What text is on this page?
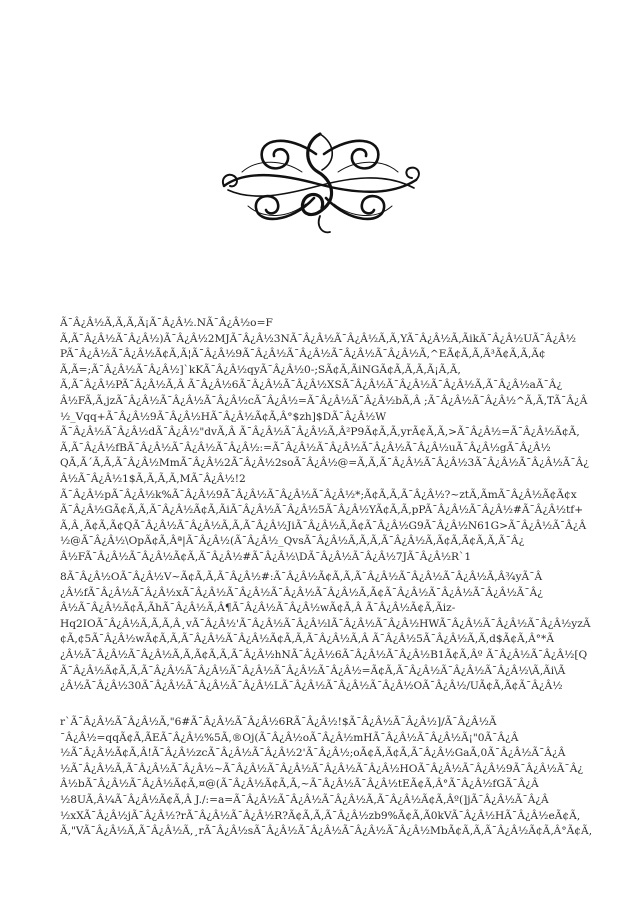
Ã¯Â¿Â½Ã‚Ã‚Ã‚Ã¡Ã¯Â¿Â½.NÃ¯Â¿Â½o=F
Ã‚Ã¯Â¿Â½Ã¯Â¿Â½)Ã¯Â¿Â½2MJÃ¯Â¿Â½3NÃ¯Â¿Â½Ã¯Â¿Â½Ã‚Ã‚YÃ¯Â¿Â½Ã‚ÃikÃ¯Â¿Â½UÃ¯Â¿Â½
PÃ¯Â¿Â½Ã¯Â¿Â½Ã¢Ã‚Ã¦Ã¯Â¿Â½9Ã¯Â¿Â½Ã¯Â¿Â½Ã¯Â¿Â½Ã¯Â¿Â½Ã‚^EÃ¢Ã‚Ã‚Ã³Ã¢Ã‚Ã‚Ã¢
Ã‚Ã=;Ã¯Â¿Â½Ã¯Â¿Â½]`kKÃ¯Â¿Â½qyÃ¯Â¿Â½0-;SÃ¢Ã‚ÃiNGÃ¢Ã‚Ã‚Ã‚Ã¡Ã‚Ã‚
Ã‚Ã¯Â¿Â½PÃ¯Â¿Â½Ã‚Â Ã¯Â¿Â½6Ã¯Â¿Â½Ã¯Â¿Â½XSÃ¯Â¿Â½Ã¯Â¿Â½Ã¯Â¿Â½Ã‚Ã¯Â¿Â½aÃ¯Â¿
Â½FÃ‚Ã‚jzÃ¯Â¿Â½Ã¯Â¿Â½Ã¯Â¿Â½cÃ¯Â¿Â½=Ã¯Â¿Â½Ã¯Â¿Â½bÃ‚Â ;Ã¯Â¿Â½Ã¯Â¿Â½^Ã‚Ã‚TÃ¯Â¿Â
½_Vqq+Ã¯Â¿Â½9Ã¯Â¿Â½HÃ¯Â¿Â½Ã¢Ã‚Â°$zh]$DÃ¯Â¿Â½W
Ã¯Â¿Â½Ã¯Â¿Â½dÃ¯Â¿Â½"dvÃ‚Â Ã¯Â¿Â½Ã¯Â¿Â½Ã‚Â²P9Ã¢Ã‚Ã‚yrÃ¢Ã‚Ã‚>Ã¯Â¿Â½=Ã¯Â¿Â½Ã¢Ã‚
Ã‚Ã¯Â¿Â½fBÃ¯Â¿Â½Ã¯Â¿Â½Ã¯Â¿Â½:=Ã¯Â¿Â½Ã¯Â¿Â½Ã¯Â¿Â½Ã¯Â¿Â½uÃ¯Â¿Â½gÃ¯Â¿Â½
QÃ‚Ã´Ã‚Ã‚Ã¯Â¿Â½MmÃ¯Â¿Â½2Ã¯Â¿Â½2soÃ¯Â¿Â½@=Ã‚Ã‚Ã¯Â¿Â½Ã¯Â¿Â½3Ã¯Â¿Â½Ã¯Â¿Â½Ã¯Â¿
Â½Ã¯Â¿Â½1$Ã‚Ã‚Ã‚Ã‚MÃ¯Â¿Â½!2
Ã¯Â¿Â½pÃ¯Â¿Â½k%Ã¯Â¿Â½9Ã¯Â¿Â½Ã¯Â¿Â½Ã¯Â¿Â½*;Ã¢Ã‚Ã‚Ã¯Â¿Â½?~ztÃ‚ÃmÃ¯Â¿Â½Ã¢Ã¢x
Ã¯Â¿Â½GÃ¢Ã‚Ã‚Ã¯Â¿Â½Ã¢Ã‚ÃiÃ¯Â¿Â½Ã¯Â¿Â½5Ã¯Â¿Â½YÃ¢Ã‚Ã‚pPÃ¯Â¿Â½Ã¯Â¿Â½#Ã¯Â¿Â½tf+
Ã‚Â¸Ã¢Ã‚Ã¢QÃ¯Â¿Â½Ã¯Â¿Â½Ã‚Ã‚Ã¯Â¿Â½JiÃ¯Â¿Â½Ã‚Ã¢Ã¯Â¿Â½G9Ã¯Â¿Â½N61G>Ã¯Â¿Â½Ã¯Â¿Â
½@Ã¯Â¿Â½\OpÃ¢Ã‚Âª|Ã¯Â¿Â½(Ã¯Â¿Â½_QvsÃ¯Â¿Â½Ã‚Ã‚Ã‚Ã¯Â¿Â½Ã‚Ã¢Ã‚Ã¢Ã‚Ã‚Ã¯Â¿
Â½FÃ¯Â¿Â½Ã¯Â¿Â½Ã¢Ã‚Ã¯Â¿Â½#Ã¯Â¿Â½\DÃ¯Â¿Â½Ã¯Â¿Â½7JÃ¯Â¿Â½R`1
8Ã¯Â¿Â½OÃ¯Â¿Â½V~Ã¢Ã‚Ã‚Ã¯Â¿Â½#:Ã¯Â¿Â½Ã¢Ã‚Ã‚Ã¯Â¿Â½Ã¯Â¿Â½Ã¯Â¿Â½Ã‚Â¾yÃ¯Â
¿Â½fÃ¯Â¿Â½Ã¯Â¿Â½xÃ¯Â¿Â½Ã¯Â¿Â½Ã¯Â¿Â½Ã¯Â¿Â½Ã‚Ã¢Ã¯Â¿Â½Ã¯Â¿Â½Ã¯Â¿Â½Ã¯Â¿
Â½Ã¯Â¿Â½Ã¢Ã‚ÃhÃ¯Â¿Â½Ã‚Â¶Ã¯Â¿Â½Ã¯Â¿Â½wÃ¢Ã‚Â Ã¯Â¿Â½Ã¢Ã‚Ãiz-
Hq2IOÃ¯Â¿Â½Ã‚Ã‚Ã‚Â¸vÃ¯Â¿Â½'Ã¯Â¿Â½Ã¯Â¿Â½lÃ¯Â¿Â½Ã¯Â¿Â½HWÃ¯Â¿Â½Ã¯Â¿Â½Ã¯Â¿Â½yzÃ
¢Ã‚¢5Ã¯Â¿Â½wÃ¢Ã‚Ã‚Ã¯Â¿Â½Ã¯Â¿Â½Ã¢Ã‚Ã‚Ã¯Â¿Â½Ã‚Â Ã¯Â¿Â½5Ã¯Â¿Â½Ã‚Ã‚d$Ã¢Ã‚Â°*Ã
¿Â½Ã¯Â¿Â½Ã¯Â¿Â½Ã‚Ã‚Ã¢Ã‚Ã‚Ã¯Â¿Â½hNÃ¯Â¿Â½6Ã¯Â¿Â½Ã¯Â¿Â½B1Ã¢Ã‚Âº Ã¯Â¿Â½Ã¯Â¿Â½[Q
Ã¯Â¿Â½Ã¢Ã‚Ã‚Ã¯Â¿Â½Ã¯Â¿Â½Ã¯Â¿Â½Ã¯Â¿Â½Ã¯Â¿Â½=Ã¢Ã‚Ã¯Â¿Â½Ã¯Â¿Â½Ã¯Â¿Â½\Ã‚Ãi\Ã
¿Â½Ã¯Â¿Â½30Ã¯Â¿Â½Ã¯Â¿Â½Ã¯Â¿Â½LÃ¯Â¿Â½Ã¯Â¿Â½Ã¯Â¿Â½OÃ¯Â¿Â½/UÃ¢Ã‚Ã¢Ã¯Â¿Â½
r`Ã¯Â¿Â½Ã¯Â¿Â½Ã‚"6#Ã¯Â¿Â½Ã¯Â¿Â½6RÃ¯Â¿Â½!$Ã¯Â¿Â½Ã¯Â¿Â½]/Ã¯Â¿Â½Ã
¯Â¿Â½=qqÃ¢Ã‚ÃEÃ¯Â¿Â½%5Ã‚®Oj(Ã¯Â¿Â½oÃ¯Â¿Â½mHÃ¯Â¿Â½Ã¯Â¿Â½Ã¡"0Ã¯Â¿Â
½Ã¯Â¿Â½Ã¢Ã‚Â!Ã¯Â¿Â½zcÃ¯Â¿Â½Ã¯Â¿Â½2'Ã¯Â¿Â½;oÃ¢Ã‚Ã¢Ã‚Ã¯Â¿Â½GaÃ‚0Ã¯Â¿Â½Ã¯Â¿Â
½Ã¯Â¿Â½Ã‚Ã¯Â¿Â½Ã¯Â¿Â½~Ã¯Â¿Â½Ã¯Â¿Â½Ã¯Â¿Â½Ã¯Â¿Â½HOÃ¯Â¿Â½Ã¯Â¿Â½9Ã¯Â¿Â½Ã¯Â¿
Â½bÃ¯Â¿Â½Ã¯Â¿Â½Ã¢Ã‚¤@(Ã¯Â¿Â½Ã¢Ã‚Ã‚~Ã¯Â¿Â½Ã¯Â¿Â½tEÃ¢Ã‚Â°Ã¯Â¿Â½fGÃ¯Â¿Â
½8UÃ‚Â¼Ã¯Â¿Â½Ã¢Ã‚Â J./:=a=Ã¯Â¿Â½Ã¯Â¿Â½Ã¯Â¿Â½Ã‚Ã¯Â¿Â½Ã¢Ã‚Âº(]jÃ¯Â¿Â½Ã¯Â¿Â
½xXÃ¯Â¿Â½jÃ¯Â¿Â½?rÃ¯Â¿Â½Ã¯Â¿Â½R?Ã¢Ã‚Ã‚Ã¯Â¿Â½zb9%Ã¢Ã‚Ã0kVÃ¯Â¿Â½HÃ¯Â¿Â½eÃ¢Ã‚
Ã‚"VÃ¯Â¿Â½Ã‚Ã¯Â¿Â½Ã‚¸rÃ¯Â¿Â½sÃ¯Â¿Â½Ã¯Â¿Â½Ã¯Â¿Â½Ã¯Â¿Â½MbÃ¢Ã‚Ã‚Ã¯Â¿Â½Ã¢Ã‚Â°Ã¢Ã‚
